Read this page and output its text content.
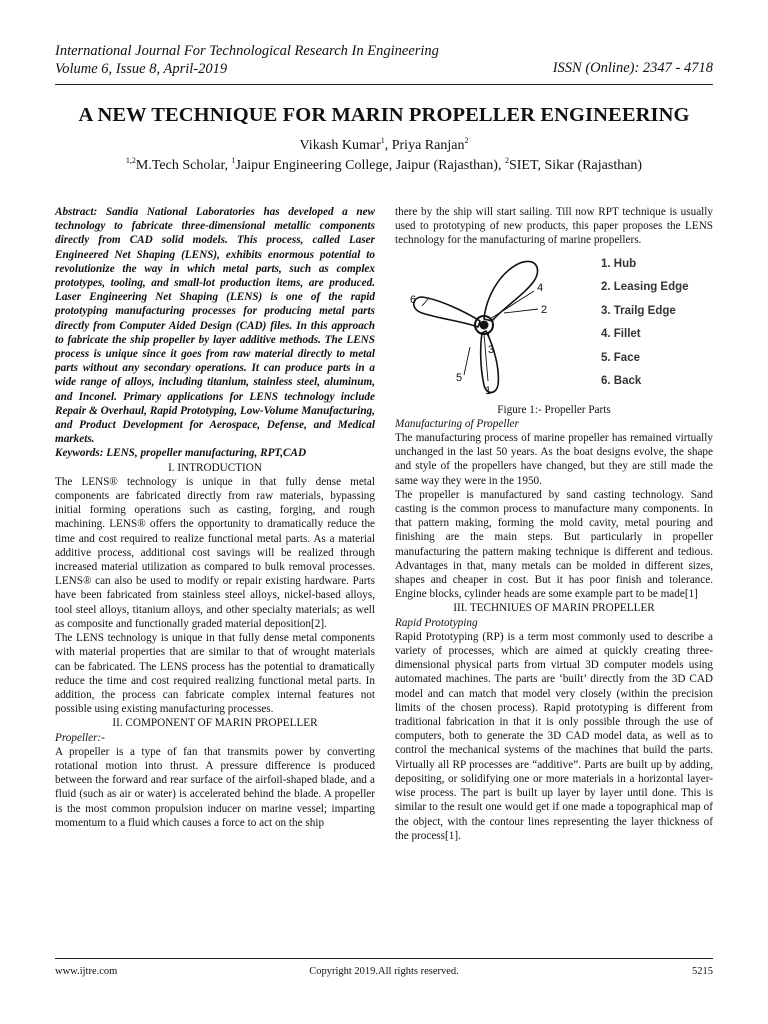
International Journal For Technological Research In Engineering
Volume 6, Issue 8, April-2019	ISSN (Online): 2347 - 4718
A NEW TECHNIQUE FOR MARIN PROPELLER ENGINEERING
Vikash Kumar$^1$, Priya Ranjan$^2$
$^{1,2}$M.Tech Scholar, $^1$Jaipur Engineering College, Jaipur (Rajasthan), $^2$SIET, Sikar (Rajasthan)

Abstract: Sandia National Laboratories has developed a new technology to fabricate three-dimensional metallic components directly from CAD solid models. This process, called Laser Engineered Net Shaping (LENS), exhibits enormous potential to revolutionize the way in which metal parts, such as complex prototypes, tooling, and small-lot production items, are produced. Laser Engineering Net Shaping (LENS) is one of the rapid prototyping manufacturing processes for producing metal parts directly from Computer Aided Design (CAD) files. In this approach to fabricate the ship propeller by layer additive methods. The LENS process is unique since it goes from raw material directly to metal parts without any secondary operations. It can produce parts in a wide range of alloys, including titanium, stainless steel, aluminum, and Inconel. Primary applications for LENS technology include Repair & Overhaul, Rapid Prototyping, Low-Volume Manufacturing, and Product Development for Aerospace, Defense, and Medical markets.

Keywords: LENS, propeller manufacturing, RPT,CAD

I. INTRODUCTION

The LENS® technology is unique in that fully dense metal components are fabricated directly from raw materials, bypassing initial forming operations such as casting, forging, and rough machining. LENS® offers the opportunity to dramatically reduce the time and cost required to realize functional metal parts. As a material additive process, additional cost savings will be realized through increased material utilization as compared to bulk removal processes. LENS® can also be used to modify or repair existing hardware. Parts have been fabricated from stainless steel alloys, nickel-based alloys, tool steel alloys, titanium alloys, and other specialty materials; as well as composite and functionally graded material deposition[2].

The LENS technology is unique in that fully dense metal components with material properties that are similar to that of wrought materials can be fabricated. The LENS process has the potential to dramatically reduce the time and cost required realizing functional metal parts. In addition, the process can fabricate complex internal features not possible using existing manufacturing processes.

II. COMPONENT OF MARIN PROPELLER

Propeller:-

A propeller is a type of fan that transmits power by converting rotational motion into thrust. A pressure difference is produced between the forward and rear surface of the airfoil-shaped blade, and a fluid (such as air or water) is accelerated behind the blade. A propeller is the most common propulsion inducer on marine vessel; imparting momentum to a fluid which causes a force to act on the ship

there by the ship will start sailing. Till now RPT technique is usually used to prototyping of new products, this paper proposes the LENS technology for the manufacturing of marine propellers.

1
2
3
4
5
6
1. Hub
2. Leasing Edge
3. Trailg Edge
4. Fillet
5. Face
6. Back

Figure 1:- Propeller Parts

Manufacturing of Propeller

The manufacturing process of marine propeller has remained virtually unchanged in the last 50 years. As the boat designs evolve, the shape and style of the propellers have changed, but they are still made the same way they were in the 1950.

The propeller is manufactured by sand casting technology. Sand casting is the common process to manufacture many components. In that pattern making, forming the mold cavity, metal pouring and finishing are the main steps. But particularly in propeller manufacturing the pattern making technique is different and tedious. Advantages in that, many metals can be molded in different sizes, shapes and cheaper in cost. But it has poor finish and tolerance. Engine blocks, cylinder heads are some example part to be made[1]

III. TECHNIUES OF MARIN PROPELLER

Rapid Prototyping

Rapid Prototyping (RP) is a term most commonly used to describe a variety of processes, which are aimed at quickly creating three-dimensional physical parts from virtual 3D computer models using automated machines. The parts are ‘built’ directly from the 3D CAD model and can match that model very closely (within the precision limits of the chosen process). Rapid prototyping is different from traditional fabrication in that it is only possible through the use of computers, both to generate the 3D CAD model data, as well as to control the mechanical systems of the machines that build the parts. Virtually all RP processes are “additive”. Parts are built up by adding, depositing, or solidifying one or more materials in a horizontal layer-wise process. The part is built up layer by layer until done. This is similar to the result one would get if one made a topographical map of the object, with the contour lines representing the layer thickness of the process[1].

www.ijtre.com	Copyright 2019.All rights reserved.	5215
